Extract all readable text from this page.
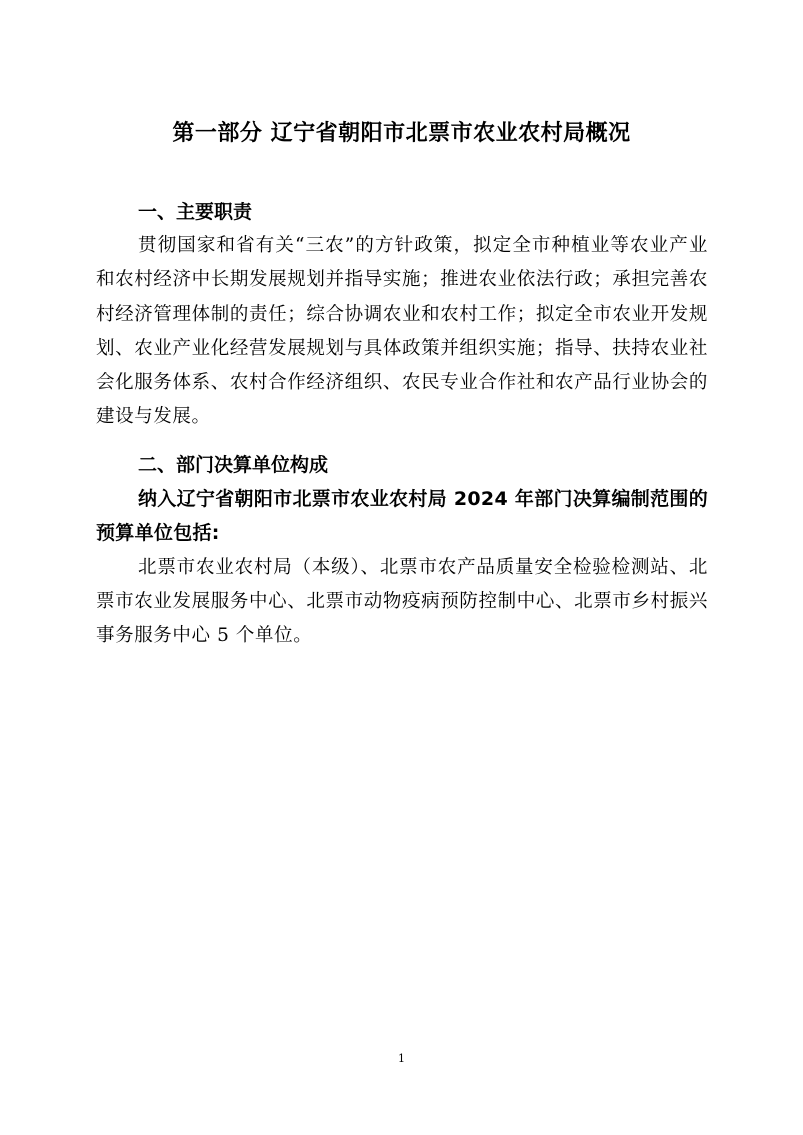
第一部分 辽宁省朝阳市北票市农业农村局概况
一、主要职责

贯彻国家和省有关“三农”的方针政策，拟定全市种植业等农业产业和农村经济中长期发展规划并指导实施；推进农业依法行政；承担完善农村经济管理体制的责任；综合协调农业和农村工作；拟定全市农业开发规划、农业产业化经营发展规划与具体政策并组织实施；指导、扶持农业社会化服务体系、农村合作经济组织、农民专业合作社和农产品行业协会的建设与发展。

二、部门决算单位构成

纳入辽宁省朝阳市北票市农业农村局 2024 年部门决算编制范围的预算单位包括:

北票市农业农村局（本级）、北票市农产品质量安全检验检测站、北票市农业发展服务中心、北票市动物疫病预防控制中心、北票市乡村振兴事务服务中心 5 个单位。

1
